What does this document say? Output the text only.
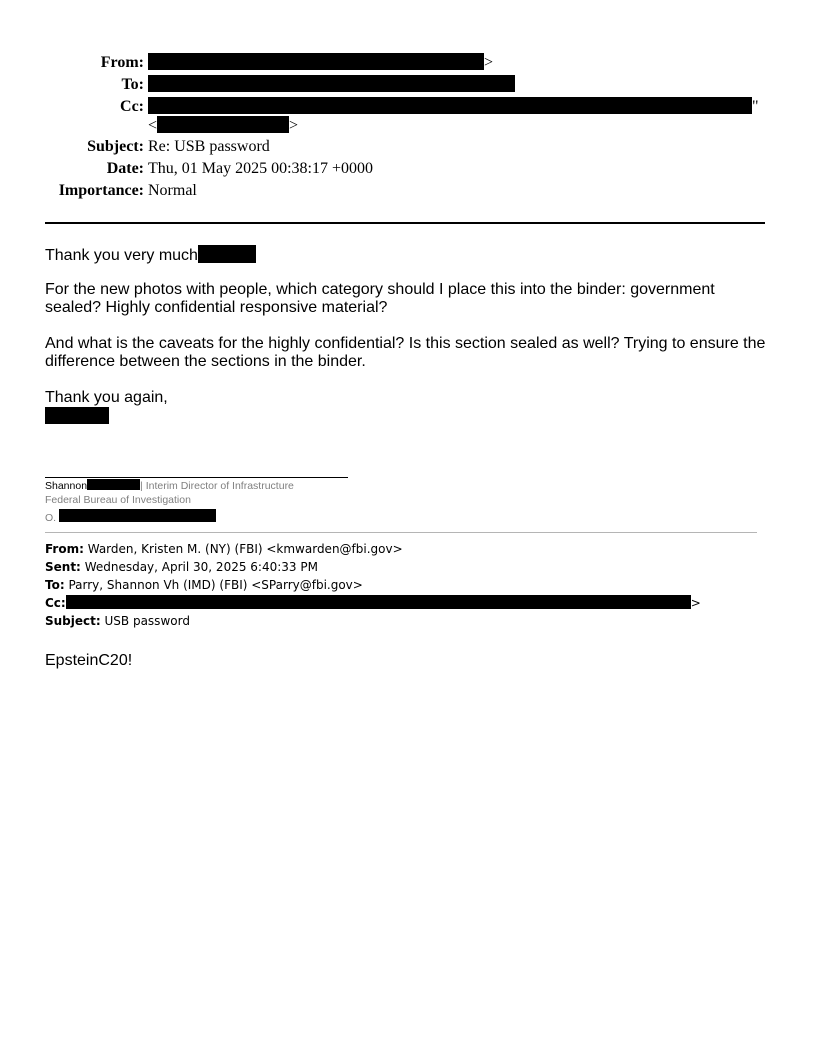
From:	>
To:
Cc:	"
<	>
Subject: Re: USB password
Date: Thu, 01 May 2025 00:38:17 +0000
Importance: Normal

Thank you very much

For the new photos with people, which category should I place this into the binder: government sealed? Highly confidential responsive material?

And what is the caveats for the highly confidential? Is this section sealed as well? Trying to ensure the difference between the sections in the binder.

Thank you again,

Shannon	| Interim Director of Infrastructure
Federal Bureau of Investigation
O.
From: Warden, Kristen M. (NY) (FBI) <kmwarden@fbi.gov>
Sent: Wednesday, April 30, 2025 6:40:33 PM
To: Parry, Shannon Vh (IMD) (FBI) <SParry@fbi.gov>
Cc:	>
Subject: USB password
EpsteinC20!
